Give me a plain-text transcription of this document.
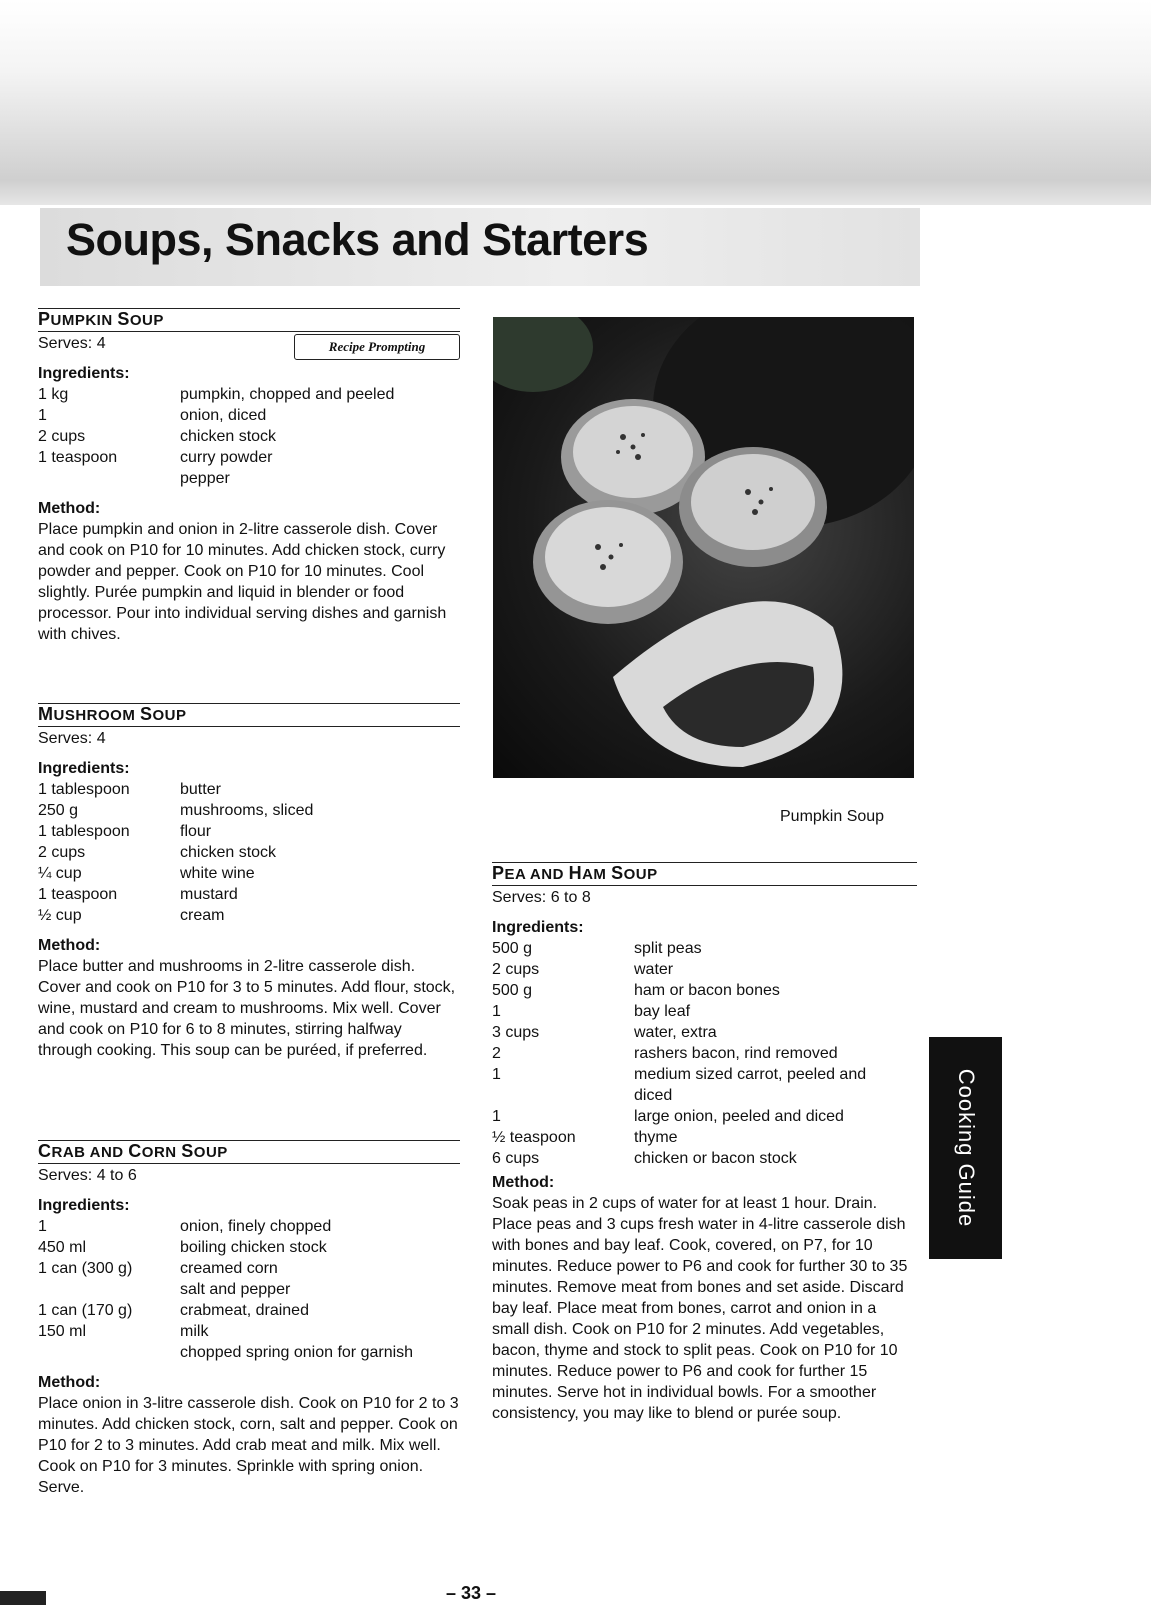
Soups, Snacks and Starters
PUMPKIN SOUP
Serves: 4	Recipe Prompting
Ingredients:
1 kg	pumpkin, chopped and peeled
1	onion, diced
2 cups	chicken stock
1 teaspoon	curry powder
	pepper
Method:

Place pumpkin and onion in 2-litre casserole dish. Cover and cook on P10 for 10 minutes. Add chicken stock, curry powder and pepper. Cook on P10 for 10 minutes. Cool slightly. Purée pumpkin and liquid in blender or food processor. Pour into individual serving dishes and garnish with chives.

MUSHROOM SOUP
Serves: 4
Ingredients:
1 tablespoon	butter
250 g	mushrooms, sliced
1 tablespoon	flour
2 cups	chicken stock
¼ cup	white wine
1 teaspoon	mustard
½ cup	cream
Method:

Place butter and mushrooms in 2-litre casserole dish. Cover and cook on P10 for 3 to 5 minutes. Add flour, stock, wine, mustard and cream to mushrooms. Mix well. Cover and cook on P10 for 6 to 8 minutes, stirring halfway through cooking. This soup can be puréed, if preferred.

CRAB AND CORN SOUP
Serves: 4 to 6
Ingredients:
1	onion, finely chopped
450 ml	boiling chicken stock
1 can (300 g)	creamed corn
	salt and pepper
1 can (170 g)	crabmeat, drained
150 ml	milk
	chopped spring onion for garnish
Method:

Place onion in 3-litre casserole dish. Cook on P10 for 2 to 3 minutes. Add chicken stock, corn, salt and pepper. Cook on P10 for 2 to 3 minutes. Add crab meat and milk. Mix well. Cook on P10 for 3 minutes. Sprinkle with spring onion. Serve.

Pumpkin Soup
PEA AND HAM SOUP
Serves: 6 to 8
Ingredients:
500 g	split peas
2 cups	water
500 g	ham or bacon bones
1	bay leaf
3 cups	water, extra
2	rashers bacon, rind removed
1	medium sized carrot, peeled and diced
1	large onion, peeled and diced
½ teaspoon	thyme
6 cups	chicken or bacon stock
Method:

Soak peas in 2 cups of water for at least 1 hour. Drain.

Place peas and 3 cups fresh water in 4-litre casserole dish with bones and bay leaf. Cook, covered, on P7, for 10 minutes. Reduce power to P6 and cook for further 30 to 35 minutes. Remove meat from bones and set aside. Discard bay leaf. Place meat from bones, carrot and onion in a small dish. Cook on P10 for 2 minutes. Add vegetables, bacon, thyme and stock to split peas. Cook on P10 for 10 minutes. Reduce power to P6 and cook for further 15 minutes. Serve hot in individual bowls. For a smoother consistency, you may like to blend or purée soup.

Cooking Guide
– 33 –
